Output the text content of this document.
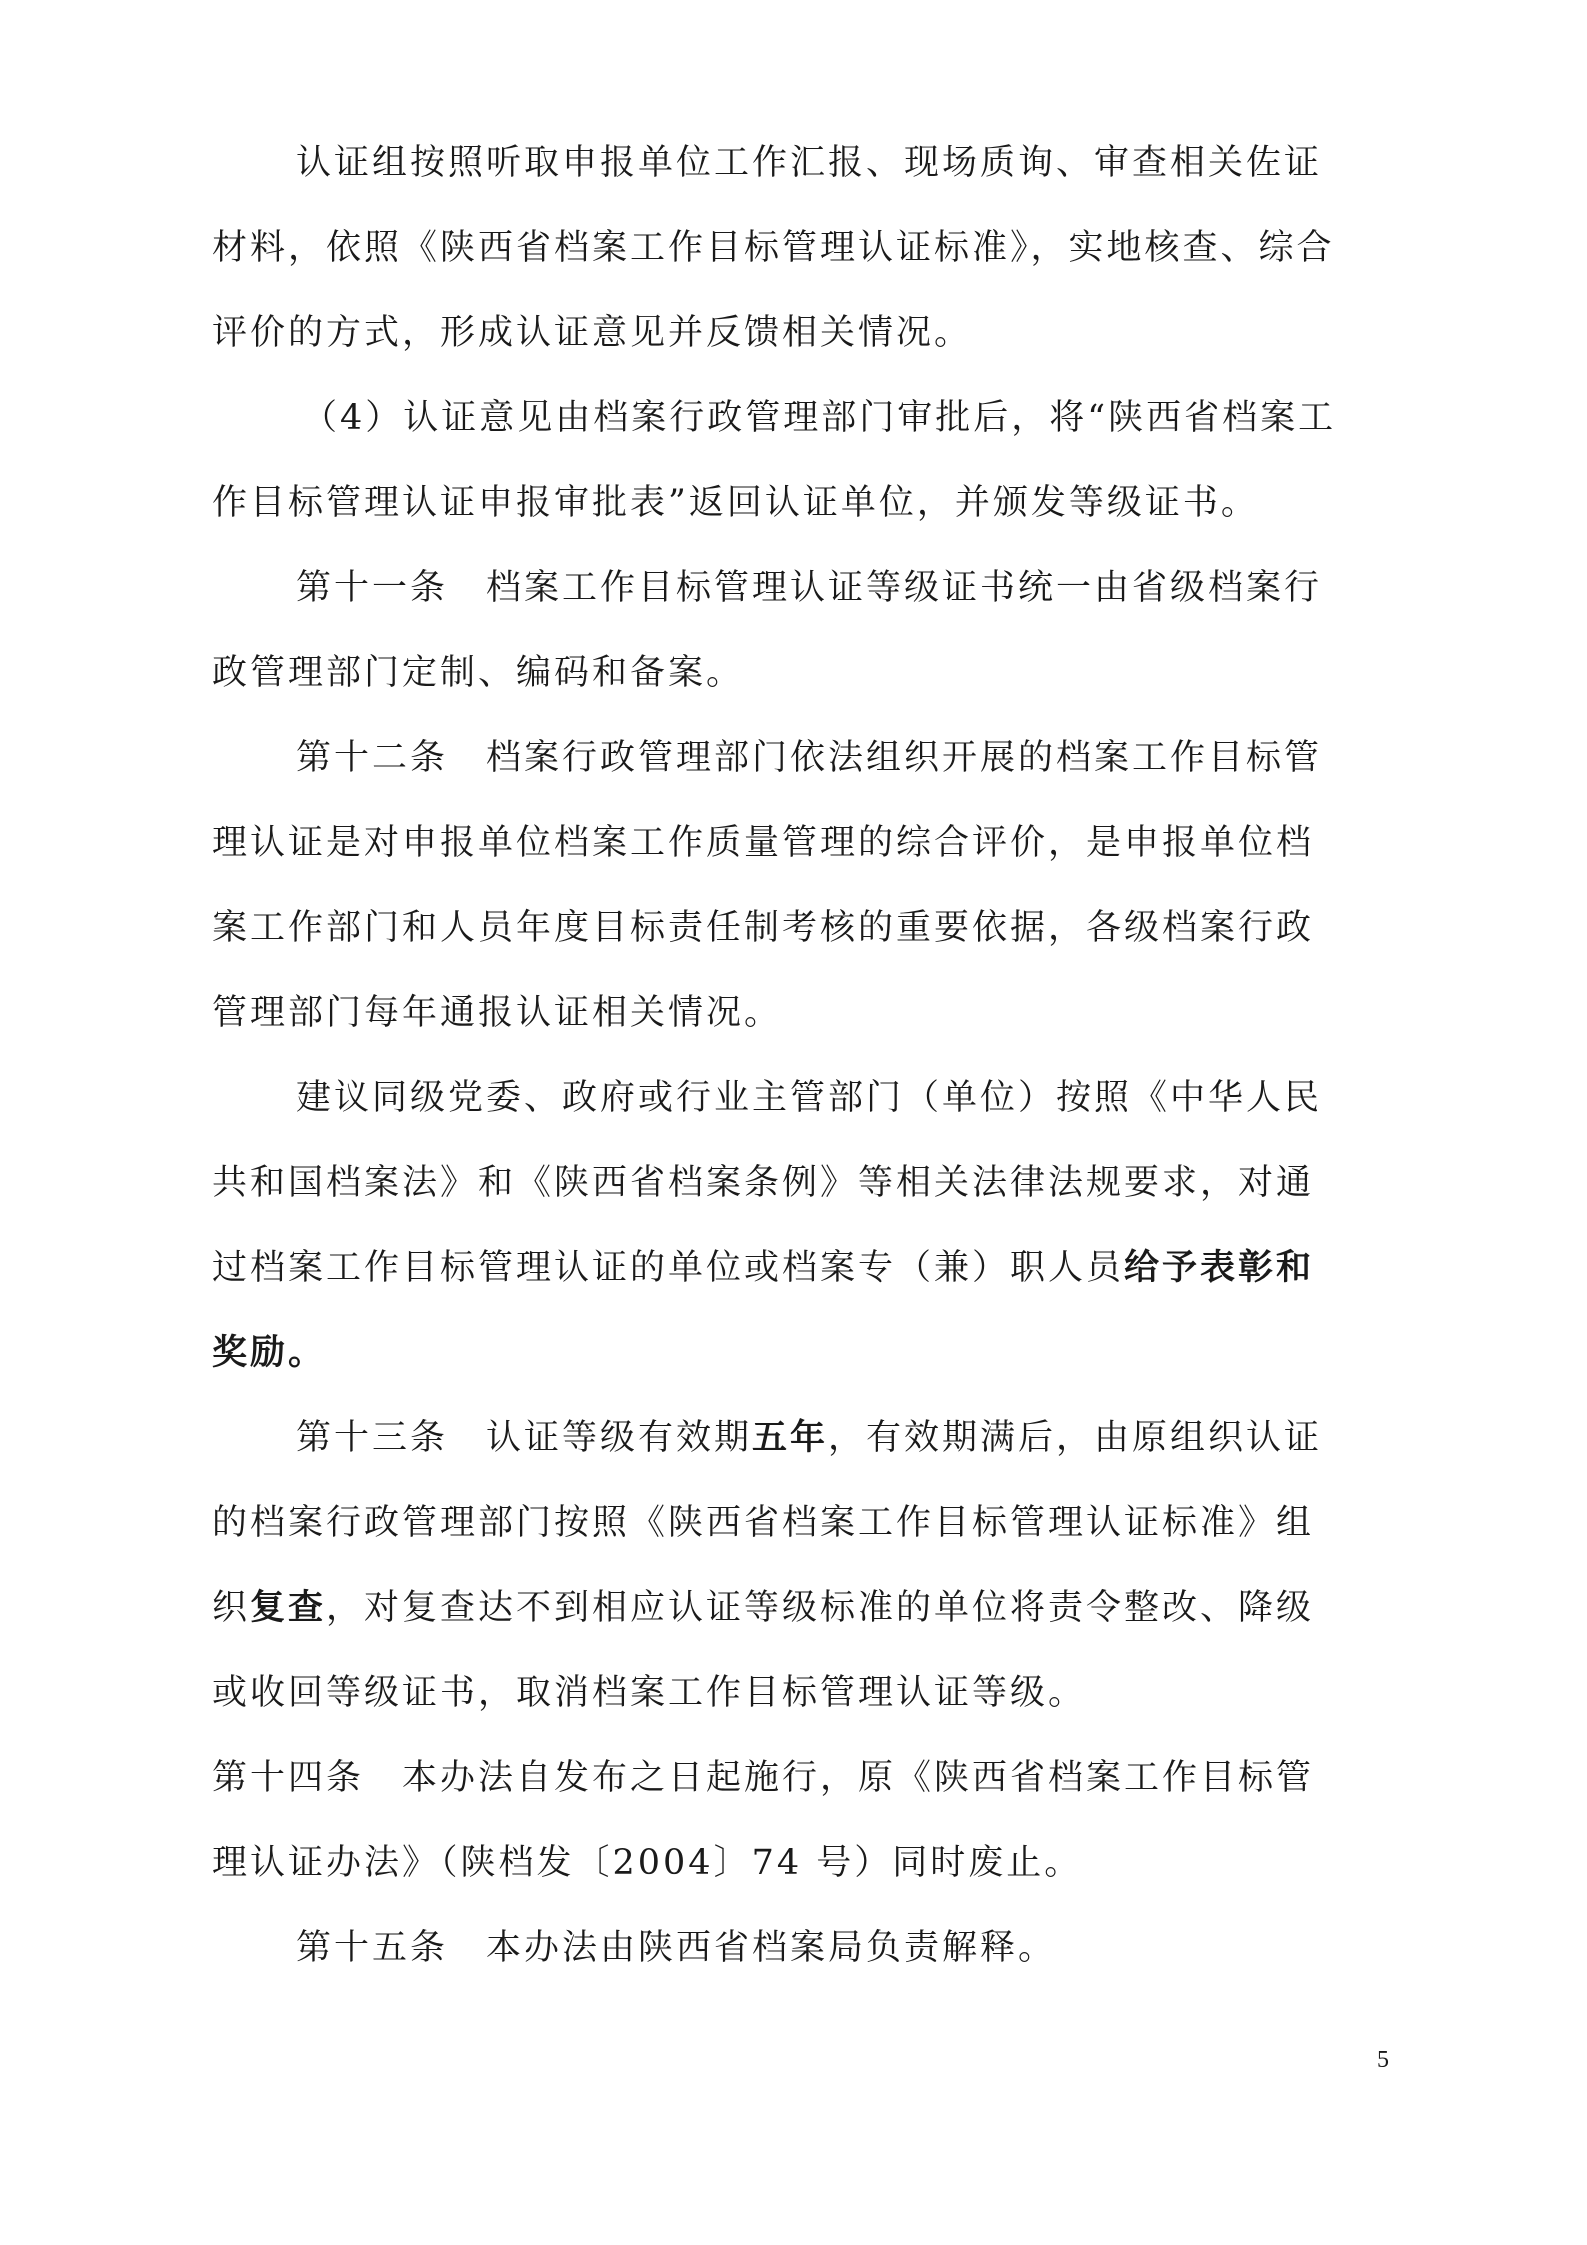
认证组按照听取申报单位工作汇报、现场质询、审查相关佐证
材料，依照《陕西省档案工作目标管理认证标准》，实地核查、综合
评价的方式，形成认证意见并反馈相关情况。
（4）认证意见由档案行政管理部门审批后，将“陕西省档案工
作目标管理认证申报审批表”返回认证单位，并颁发等级证书。
第十一条　档案工作目标管理认证等级证书统一由省级档案行
政管理部门定制、编码和备案。
第十二条　档案行政管理部门依法组织开展的档案工作目标管
理认证是对申报单位档案工作质量管理的综合评价，是申报单位档
案工作部门和人员年度目标责任制考核的重要依据，各级档案行政
管理部门每年通报认证相关情况。
建议同级党委、政府或行业主管部门（单位）按照《中华人民
共和国档案法》和《陕西省档案条例》等相关法律法规要求，对通
过档案工作目标管理认证的单位或档案专（兼）职人员给予表彰和
奖励。
第十三条　认证等级有效期五年，有效期满后，由原组织认证
的档案行政管理部门按照《陕西省档案工作目标管理认证标准》组
织复查，对复查达不到相应认证等级标准的单位将责令整改、降级
或收回等级证书，取消档案工作目标管理认证等级。
第十四条　本办法自发布之日起施行，原《陕西省档案工作目标管
理认证办法》（陕档发〔2004〕74 号）同时废止。
第十五条　本办法由陕西省档案局负责解释。
5
